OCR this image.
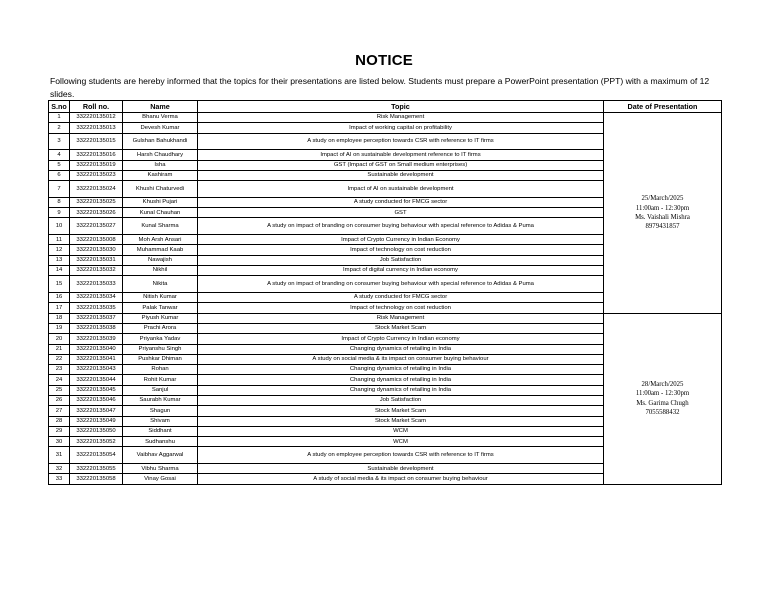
NOTICE
Following students are hereby informed that the topics for their presentations are listed below. Students must prepare a PowerPoint presentation (PPT) with a maximum of 12 slides.
S.no	Roll no.	Name	Topic	Date of Presentation
1	332220135012	Bhanu Verma	Risk Management	25/March/2025
11:00am - 12:30pm
Ms. Vaishali Mishra
8979431857

2	332220135013	Devesh Kumar	Impact of working capital on profitability	
3	332220135015	Gulshan Bahukhandi	A study on employee perception towards CSR with reference to IT firms	
4	332220135016	Harsh Chaudhary	Impact of AI on sustainable development reference to IT firms	
5	332220135019	Isha	GST (Impact of GST on Small medium enterprises)	
6	332220135023	Kashiram	Sustainable development	
7	332220135024	Khushi Chaturvedi	Impact of AI on sustainable development	
8	332220135025	Khushi Pujari	A study conducted for FMCG sector	
9	332220135026	Kunal Chauhan	GST	
10	332220135027	Kunal Sharma	A study on impact of branding on consumer buying behaviour with special reference to Adidas & Puma	
11	332220135008	Moh Arsh Ansari	Impact of Crypto Currency in Indian Economy	
12	332220135030	Muhammad Kaab	Impact of technology on cost reduction	
13	332220135031	Nawajish	Job Satisfaction	
14	332220135032	Nikhil	Impact of digital currency in Indian economy	
15	332220135033	Nikita	A study on impact of branding on consumer buying behaviour with special reference to Adidas & Puma	
16	332220135034	Nitish Kumar	A study conducted for FMCG sector	
17	332220135035	Palak Tanwar	Impact of technology on cost reduction	
18	332220135037	Piyush Kumar	Risk Management	28/March/2025
11:00am - 12:30pm
Ms. Garima Chugh
7055588432

19	332220135038	Prachi Arora	Stock Market Scam	
20	332220135039	Priyanka Yadav	Impact of Crypto Currency in Indian economy	
21	332220135040	Priyanshu Singh	Changing dynamics of retailing in India	
22	332220135041	Pushkar Dhiman	A study on social media & its impact on consumer buying behaviour	
23	332220135043	Rohan	Changing dynamics of retailing in India	
24	332220135044	Rohit Kumar	Changing dynamics of retailing in India	
25	332220135045	Sanjul	Changing dynamics of retailing in India	
26	332220135046	Saurabh Kumar	Job Satisfaction	
27	332220135047	Shagun	Stock Market Scam	
28	332220135049	Shivam	Stock Market Scam	
29	332220135050	Siddhant	WCM	
30	332220135052	Sudhanshu	WCM	
31	332220135054	Vaibhav Aggarwal	A study on employee perception towards CSR with reference to IT firms	
32	332220135055	Vibhu Sharma	Sustainable development	
33	332220135058	Vinay Gosai	A study of social media & its impact on consumer buying behaviour	
